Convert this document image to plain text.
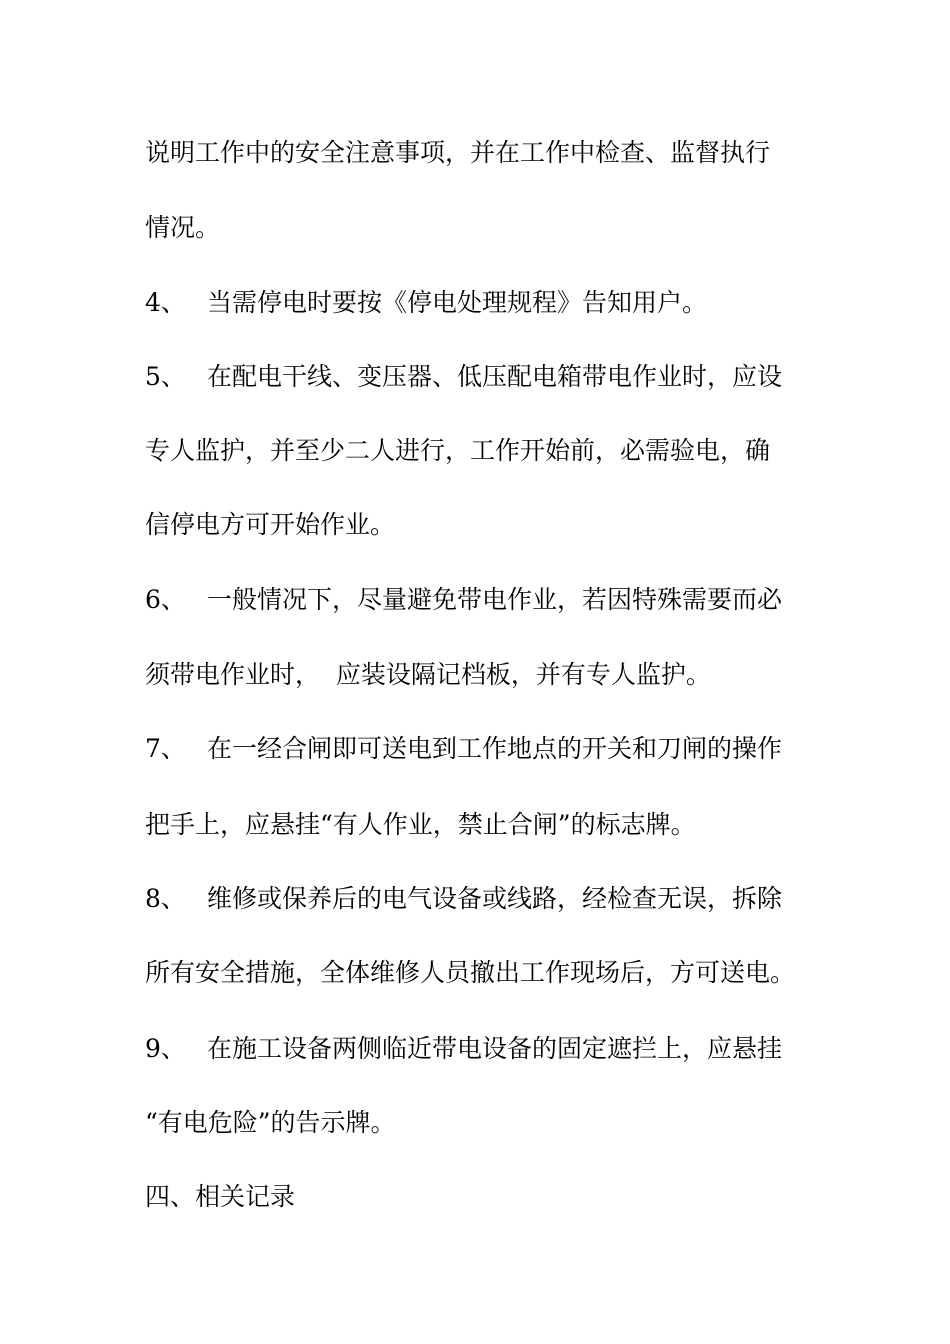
说明工作中的安全注意事项，并在工作中检查、监督执行
情况。
4、 当需停电时要按《停电处理规程》告知用户。
5、 在配电干线、变压器、低压配电箱带电作业时，应设
专人监护，并至少二人进行，工作开始前，必需验电，确
信停电方可开始作业。
6、 一般情况下，尽量避免带电作业，若因特殊需要而必
须带电作业时，  应装设隔记档板，并有专人监护。
7、 在一经合闸即可送电到工作地点的开关和刀闸的操作
把手上，应悬挂“有人作业，禁止合闸”的标志牌。
8、 维修或保养后的电气设备或线路，经检查无误，拆除
所有安全措施，全体维修人员撤出工作现场后，方可送电。
9、 在施工设备两侧临近带电设备的固定遮拦上，应悬挂
“有电危险”的告示牌。
四、相关记录
